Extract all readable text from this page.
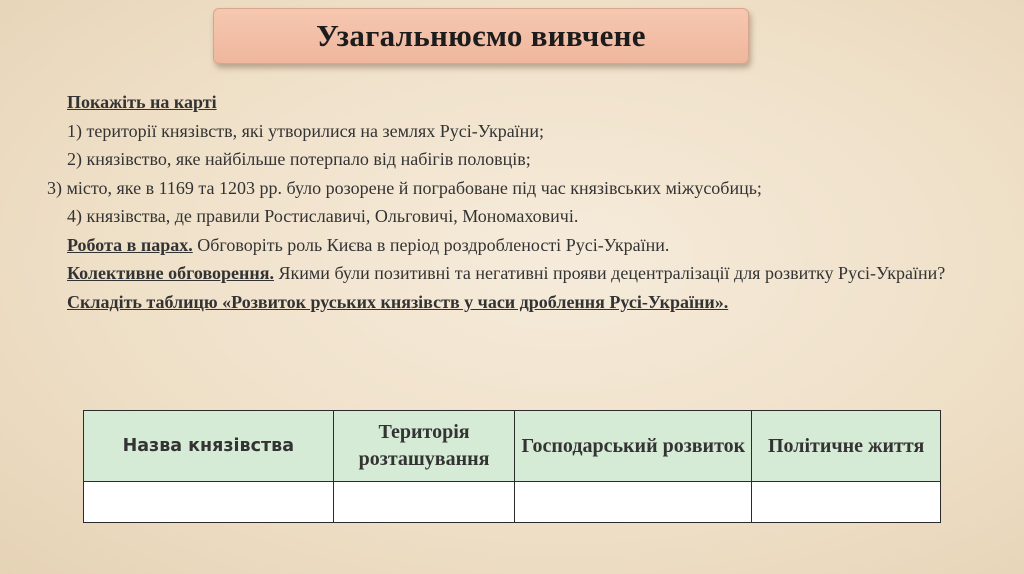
Узагальнюємо вивчене

Покажіть на карті

1) території князівств, які утворилися на землях Русі-України;

2) князівство, яке найбільше потерпало від набігів половців;

3) місто, яке в 1169 та 1203 рр. було розорене й пограбоване під час князівських міжусобиць;

4) князівства, де правили Ростиславичі, Ольговичі, Мономаховичі.

Робота в парах. Обговоріть роль Києва в період роздробленості Русі-України.

Колективне обговорення. Якими були позитивні та негативні прояви децентралізації для розвитку Русі-України?

Складіть таблицю «Розвиток руських князівств у часи дроблення Русі-України».

Назва князівства	Територія розташування	Господарський розвиток	Політичне життя
